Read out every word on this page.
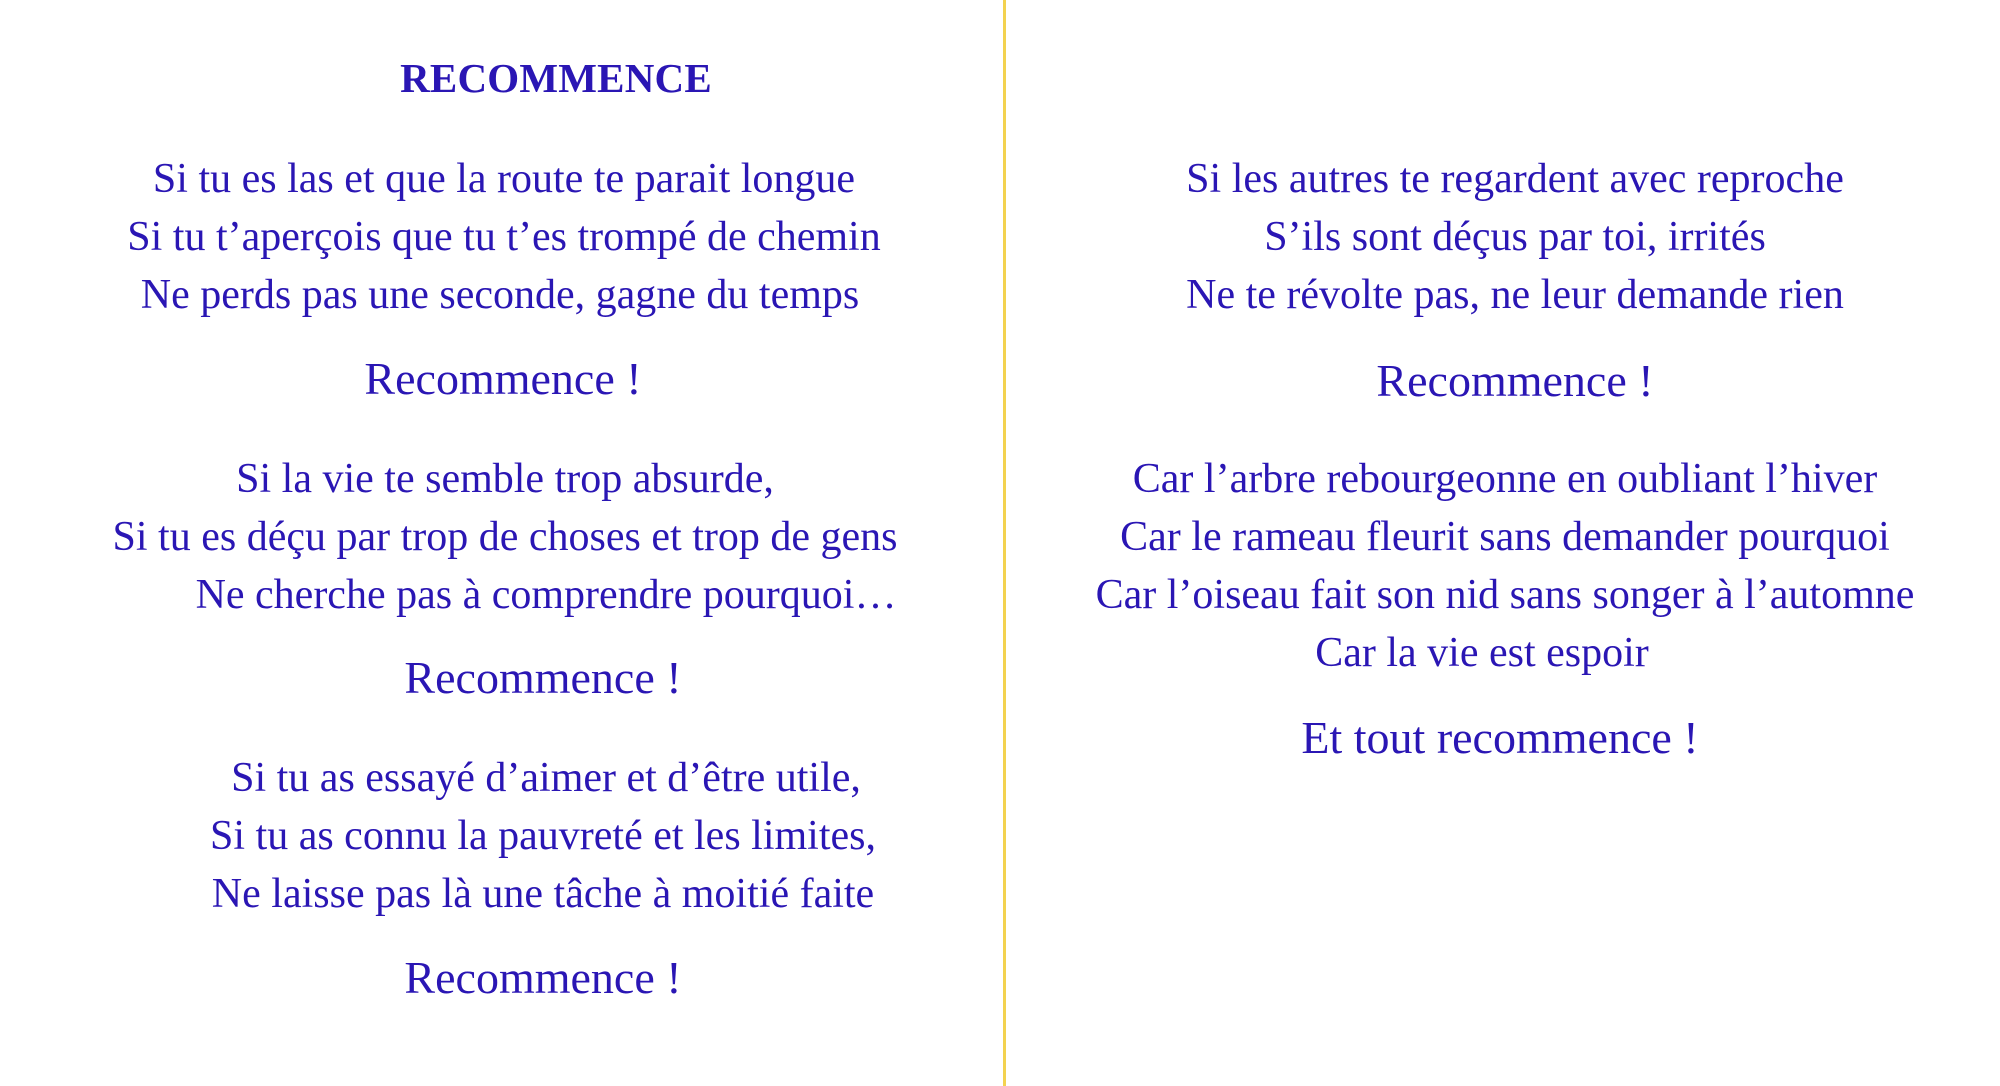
RECOMMENCE
Si tu es las et que la route te parait longue
Si tu t’aperçois que tu t’es trompé de chemin
Ne perds pas une seconde, gagne du temps
Recommence !
Si la vie te semble trop absurde,
Si tu es déçu par trop de choses et trop de gens
Ne cherche pas à comprendre pourquoi…
Recommence !
Si tu as essayé d’aimer et d’être utile,
Si tu as connu la pauvreté et les limites,
Ne laisse pas là une tâche à moitié faite
Recommence !
Si les autres te regardent avec reproche
S’ils sont déçus par toi, irrités
Ne te révolte pas, ne leur demande rien
Recommence !
Car l’arbre rebourgeonne en oubliant l’hiver
Car le rameau fleurit sans demander pourquoi
Car l’oiseau fait son nid sans songer à l’automne
Car la vie est espoir
Et tout recommence !
